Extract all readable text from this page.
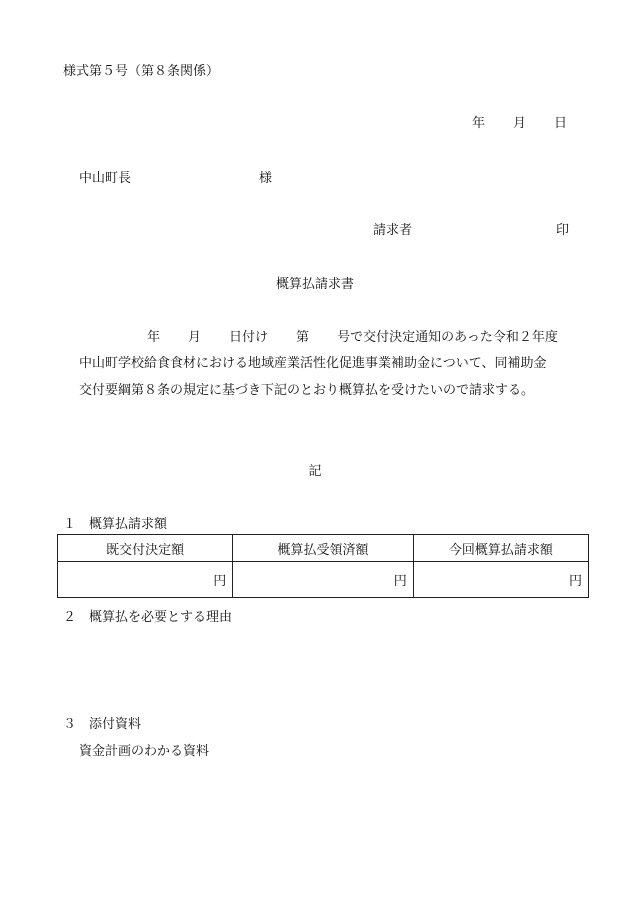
様式第５号（第８条関係）
年 月 日
中山町長	様
請求者	印
概算払請求書
年 月 日付け 第 号で交付決定通知のあった令和２年度
中山町学校給食食材における地域産業活性化促進事業補助金について、同補助金
交付要綱第８条の規定に基づき下記のとおり概算払を受けたいので請求する。
記
１　概算払請求額
既交付決定額	概算払受領済額	今回概算払請求額
円	円	円
２　概算払を必要とする理由
３　添付資料
資金計画のわかる資料
